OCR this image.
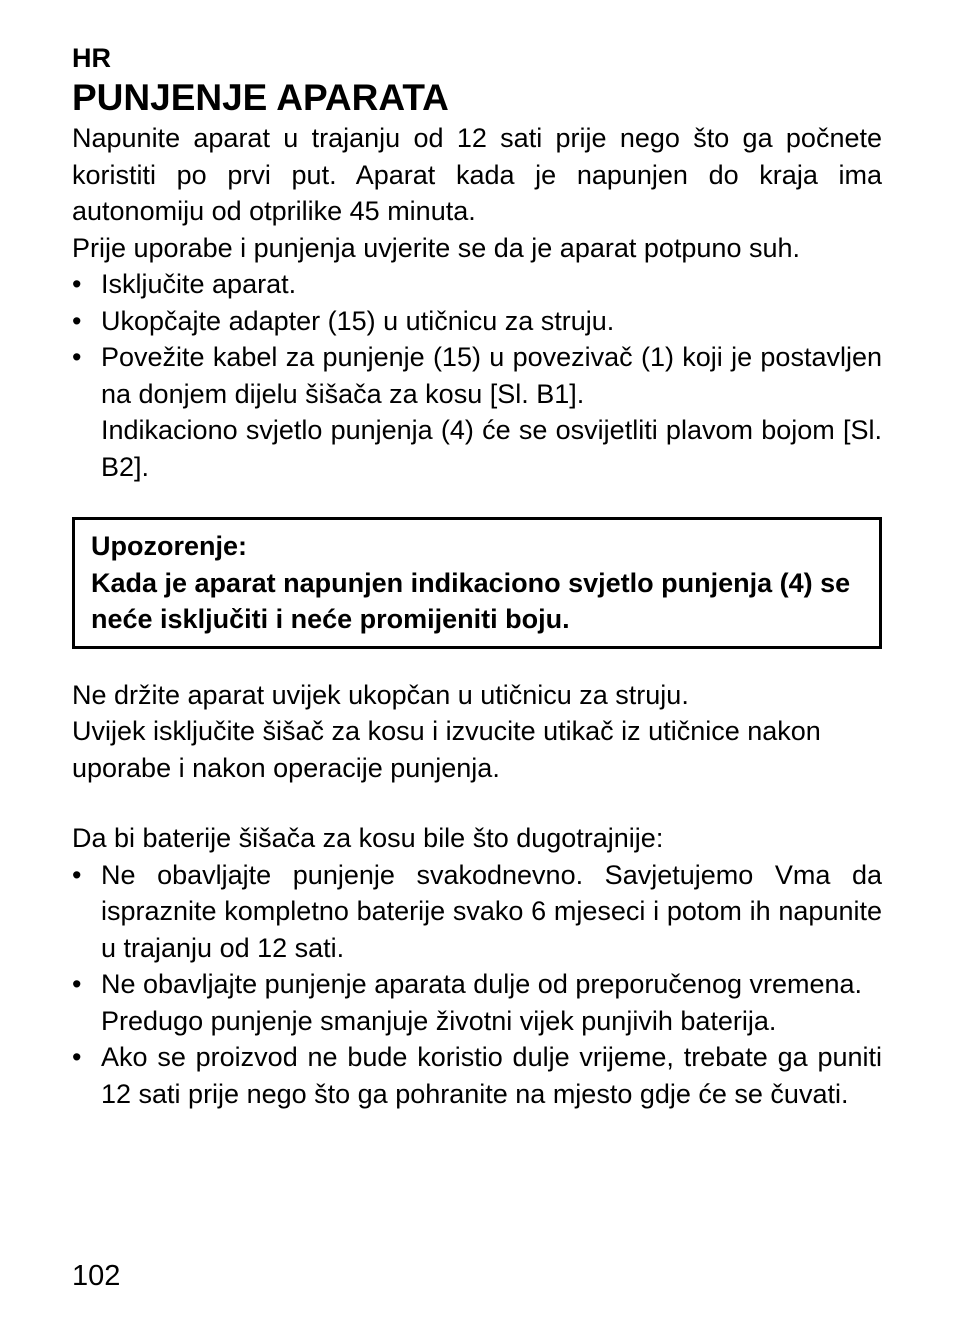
HR
PUNJENJE APARATA

Napunite aparat u trajanju od 12 sati prije nego što ga počnete koristiti po prvi put. Aparat kada je napunjen do kraja ima autonomiju od otprilike 45 minuta.

Prije uporabe i punjenja uvjerite se da je aparat potpuno suh.

• Isključite aparat.
• Ukopčajte adapter (15) u utičnicu za struju.
• Povežite kabel za punjenje (15) u povezivač (1) koji je postavljen na donjem dijelu šišača za kosu [Sl. B1].
Indikaciono svjetlo punjenja (4) će se osvijetliti plavom bojom [Sl. B2].

Upozorenje:

Kada je aparat napunjen indikaciono svjetlo punjenja (4) se neće isključiti i neće promijeniti boju.

Ne držite aparat uvijek ukopčan u utičnicu za struju.

Uvijek isključite šišač za kosu i izvucite utikač iz utičnice nakon uporabe i nakon operacije punjenja.

Da bi baterije šišača za kosu bile što dugotrajnije:

• Ne obavljajte punjenje svakodnevno. Savjetujemo Vma da ispraznite kompletno baterije svako 6 mjeseci i potom ih napunite u trajanju od 12 sati.
• Ne obavljajte punjenje aparata dulje od preporučenog vremena.
Predugo punjenje smanjuje životni vijek punjivih baterija.
• Ako se proizvod ne bude koristio dulje vrijeme, trebate ga puniti 12 sati prije nego što ga pohranite na mjesto gdje će se čuvati.
102
